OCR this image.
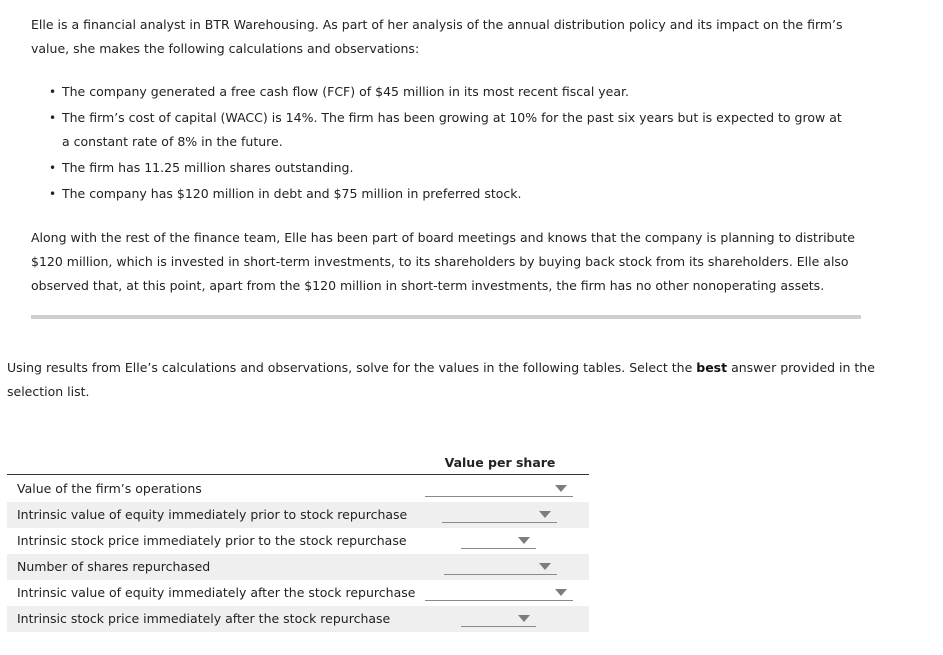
Elle is a financial analyst in BTR Warehousing. As part of her analysis of the annual distribution policy and its impact on the firm’s value, she makes the following calculations and observations:

• The company generated a free cash flow (FCF) of $45 million in its most recent fiscal year.
• The firm’s cost of capital (WACC) is 14%. The firm has been growing at 10% for the past six years but is expected to grow at a constant rate of 8% in the future.
• The firm has 11.25 million shares outstanding.
• The company has $120 million in debt and $75 million in preferred stock.

Along with the rest of the finance team, Elle has been part of board meetings and knows that the company is planning to distribute $120 million, which is invested in short-term investments, to its shareholders by buying back stock from its shareholders. Elle also observed that, at this point, apart from the $120 million in short-term investments, the firm has no other nonoperating assets.

Using results from Elle’s calculations and observations, solve for the values in the following tables. Select the best answer provided in the selection list.

Value per share
Value of the firm’s operations
Intrinsic value of equity immediately prior to stock repurchase
Intrinsic stock price immediately prior to the stock repurchase
Number of shares repurchased
Intrinsic value of equity immediately after the stock repurchase
Intrinsic stock price immediately after the stock repurchase
